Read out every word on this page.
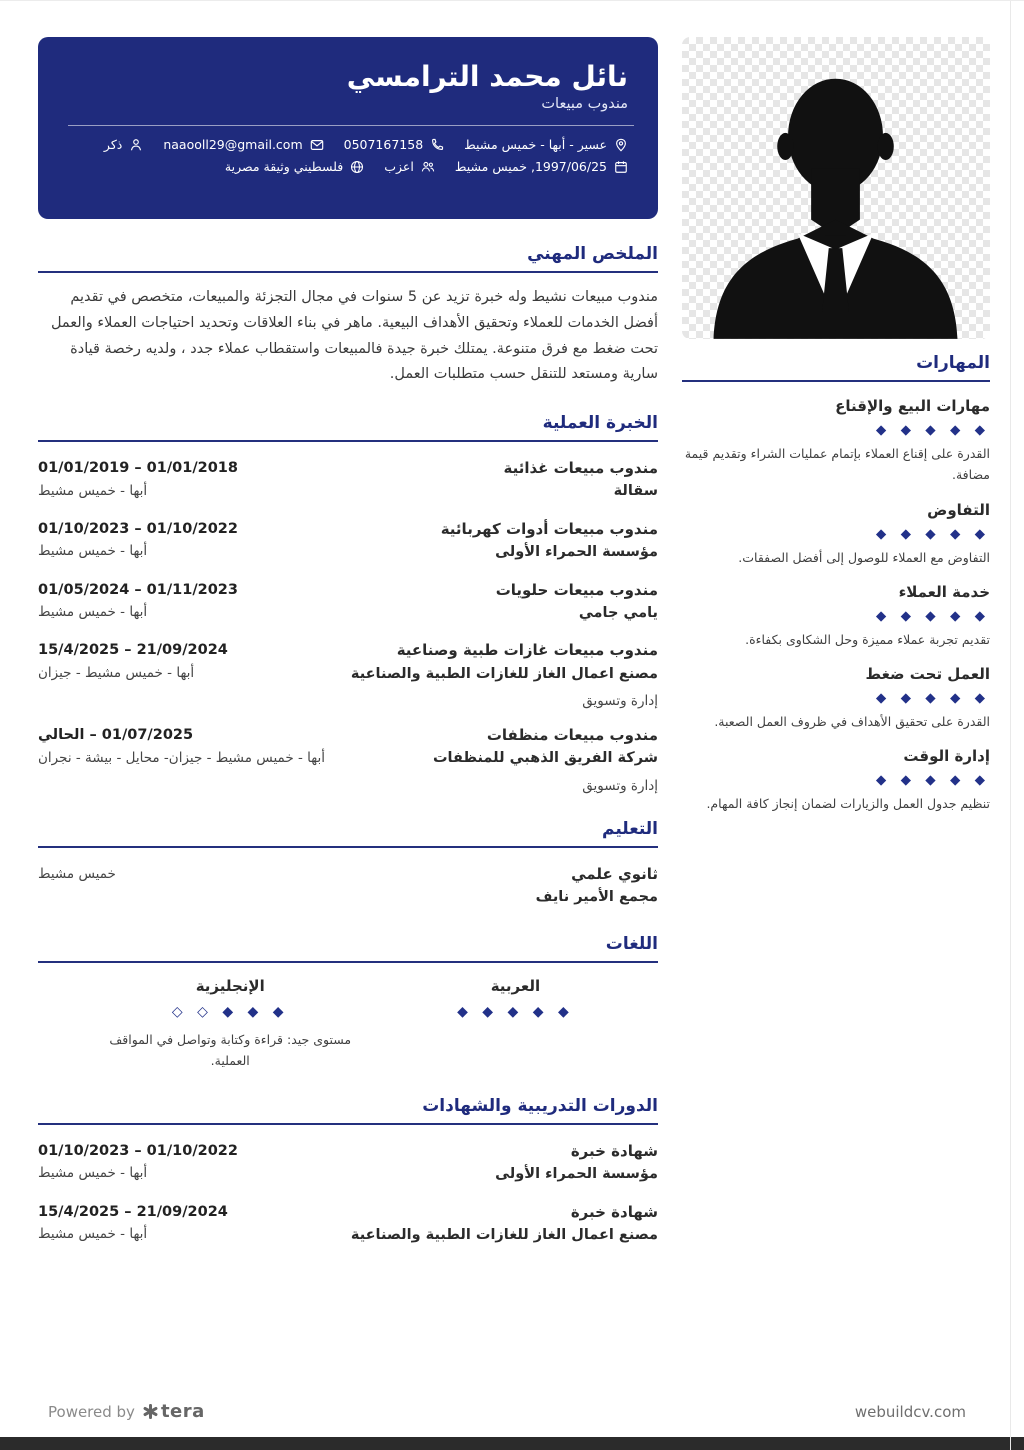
نائل محمد الترامسي
مندوب مبيعات
عسير - أبها - خميس مشيط
0507167158
naaooll29@gmail.com
ذكر
1997/06/25, خميس مشيط
اعزب
فلسطيني وثيقة مصرية
الملخص المهني

مندوب مبيعات نشيط وله خبرة تزيد عن 5 سنوات في مجال التجزئة والمبيعات، متخصص في تقديم أفضل الخدمات للعملاء وتحقيق الأهداف البيعية. ماهر في بناء العلاقات وتحديد احتياجات العملاء والعمل تحت ضغط مع فرق متنوعة. يمتلك خبرة جيدة فالمبيعات واستقطاب عملاء جدد ، ولديه رخصة قيادة سارية ومستعد للتنقل حسب متطلبات العمل.

الخبرة العملية
مندوب مبيعات غذائية
سقالة
01/01/2018 – 01/01/2019
أبها - خميس مشيط
مندوب مبيعات أدوات كهربائية
مؤسسة الحمراء الأولى
01/10/2022 – 01/10/2023
أبها - خميس مشيط
مندوب مبيعات حلويات
يامي جامي
01/11/2023 – 01/05/2024
أبها - خميس مشيط
مندوب مبيعات غازات طبية وصناعية
مصنع اعمال الغاز للغازات الطبية والصناعية
21/09/2024 – 15/4/2025
أبها - خميس مشيط - جيزان
إدارة وتسويق
مندوب مبيعات منظفات
شركة الفريق الذهبي للمنظفات
01/07/2025 – الحالي
أبها - خميس مشيط - جيزان- محايل - بيشة - نجران
إدارة وتسويق
التعليم
ثانوي علمي
مجمع الأمير نايف
خميس مشيط
اللغات
العربية
◆ ◆ ◆ ◆ ◆
الإنجليزية
◆ ◆ ◆ ◇ ◇
مستوى جيد: قراءة وكتابة وتواصل في المواقف العملية.
الدورات التدريبية والشهادات
شهادة خبرة
مؤسسة الحمراء الأولى
01/10/2022 – 01/10/2023
أبها - خميس مشيط
شهادة خبرة
مصنع اعمال الغاز للغازات الطبية والصناعية
21/09/2024 – 15/4/2025
أبها - خميس مشيط
المهارات
مهارات البيع والإقناع
◆ ◆ ◆ ◆ ◆
القدرة على إقناع العملاء بإتمام عمليات الشراء وتقديم قيمة مضافة.
التفاوض
◆ ◆ ◆ ◆ ◆
التفاوض مع العملاء للوصول إلى أفضل الصفقات.
خدمة العملاء
◆ ◆ ◆ ◆ ◆
تقديم تجربة عملاء مميزة وحل الشكاوى بكفاءة.
العمل تحت ضغط
◆ ◆ ◆ ◆ ◆
القدرة على تحقيق الأهداف في ظروف العمل الصعبة.
إدارة الوقت
◆ ◆ ◆ ◆ ◆
تنظيم جدول العمل والزيارات لضمان إنجاز كافة المهام.
Powered by tera	webuildcv.com
